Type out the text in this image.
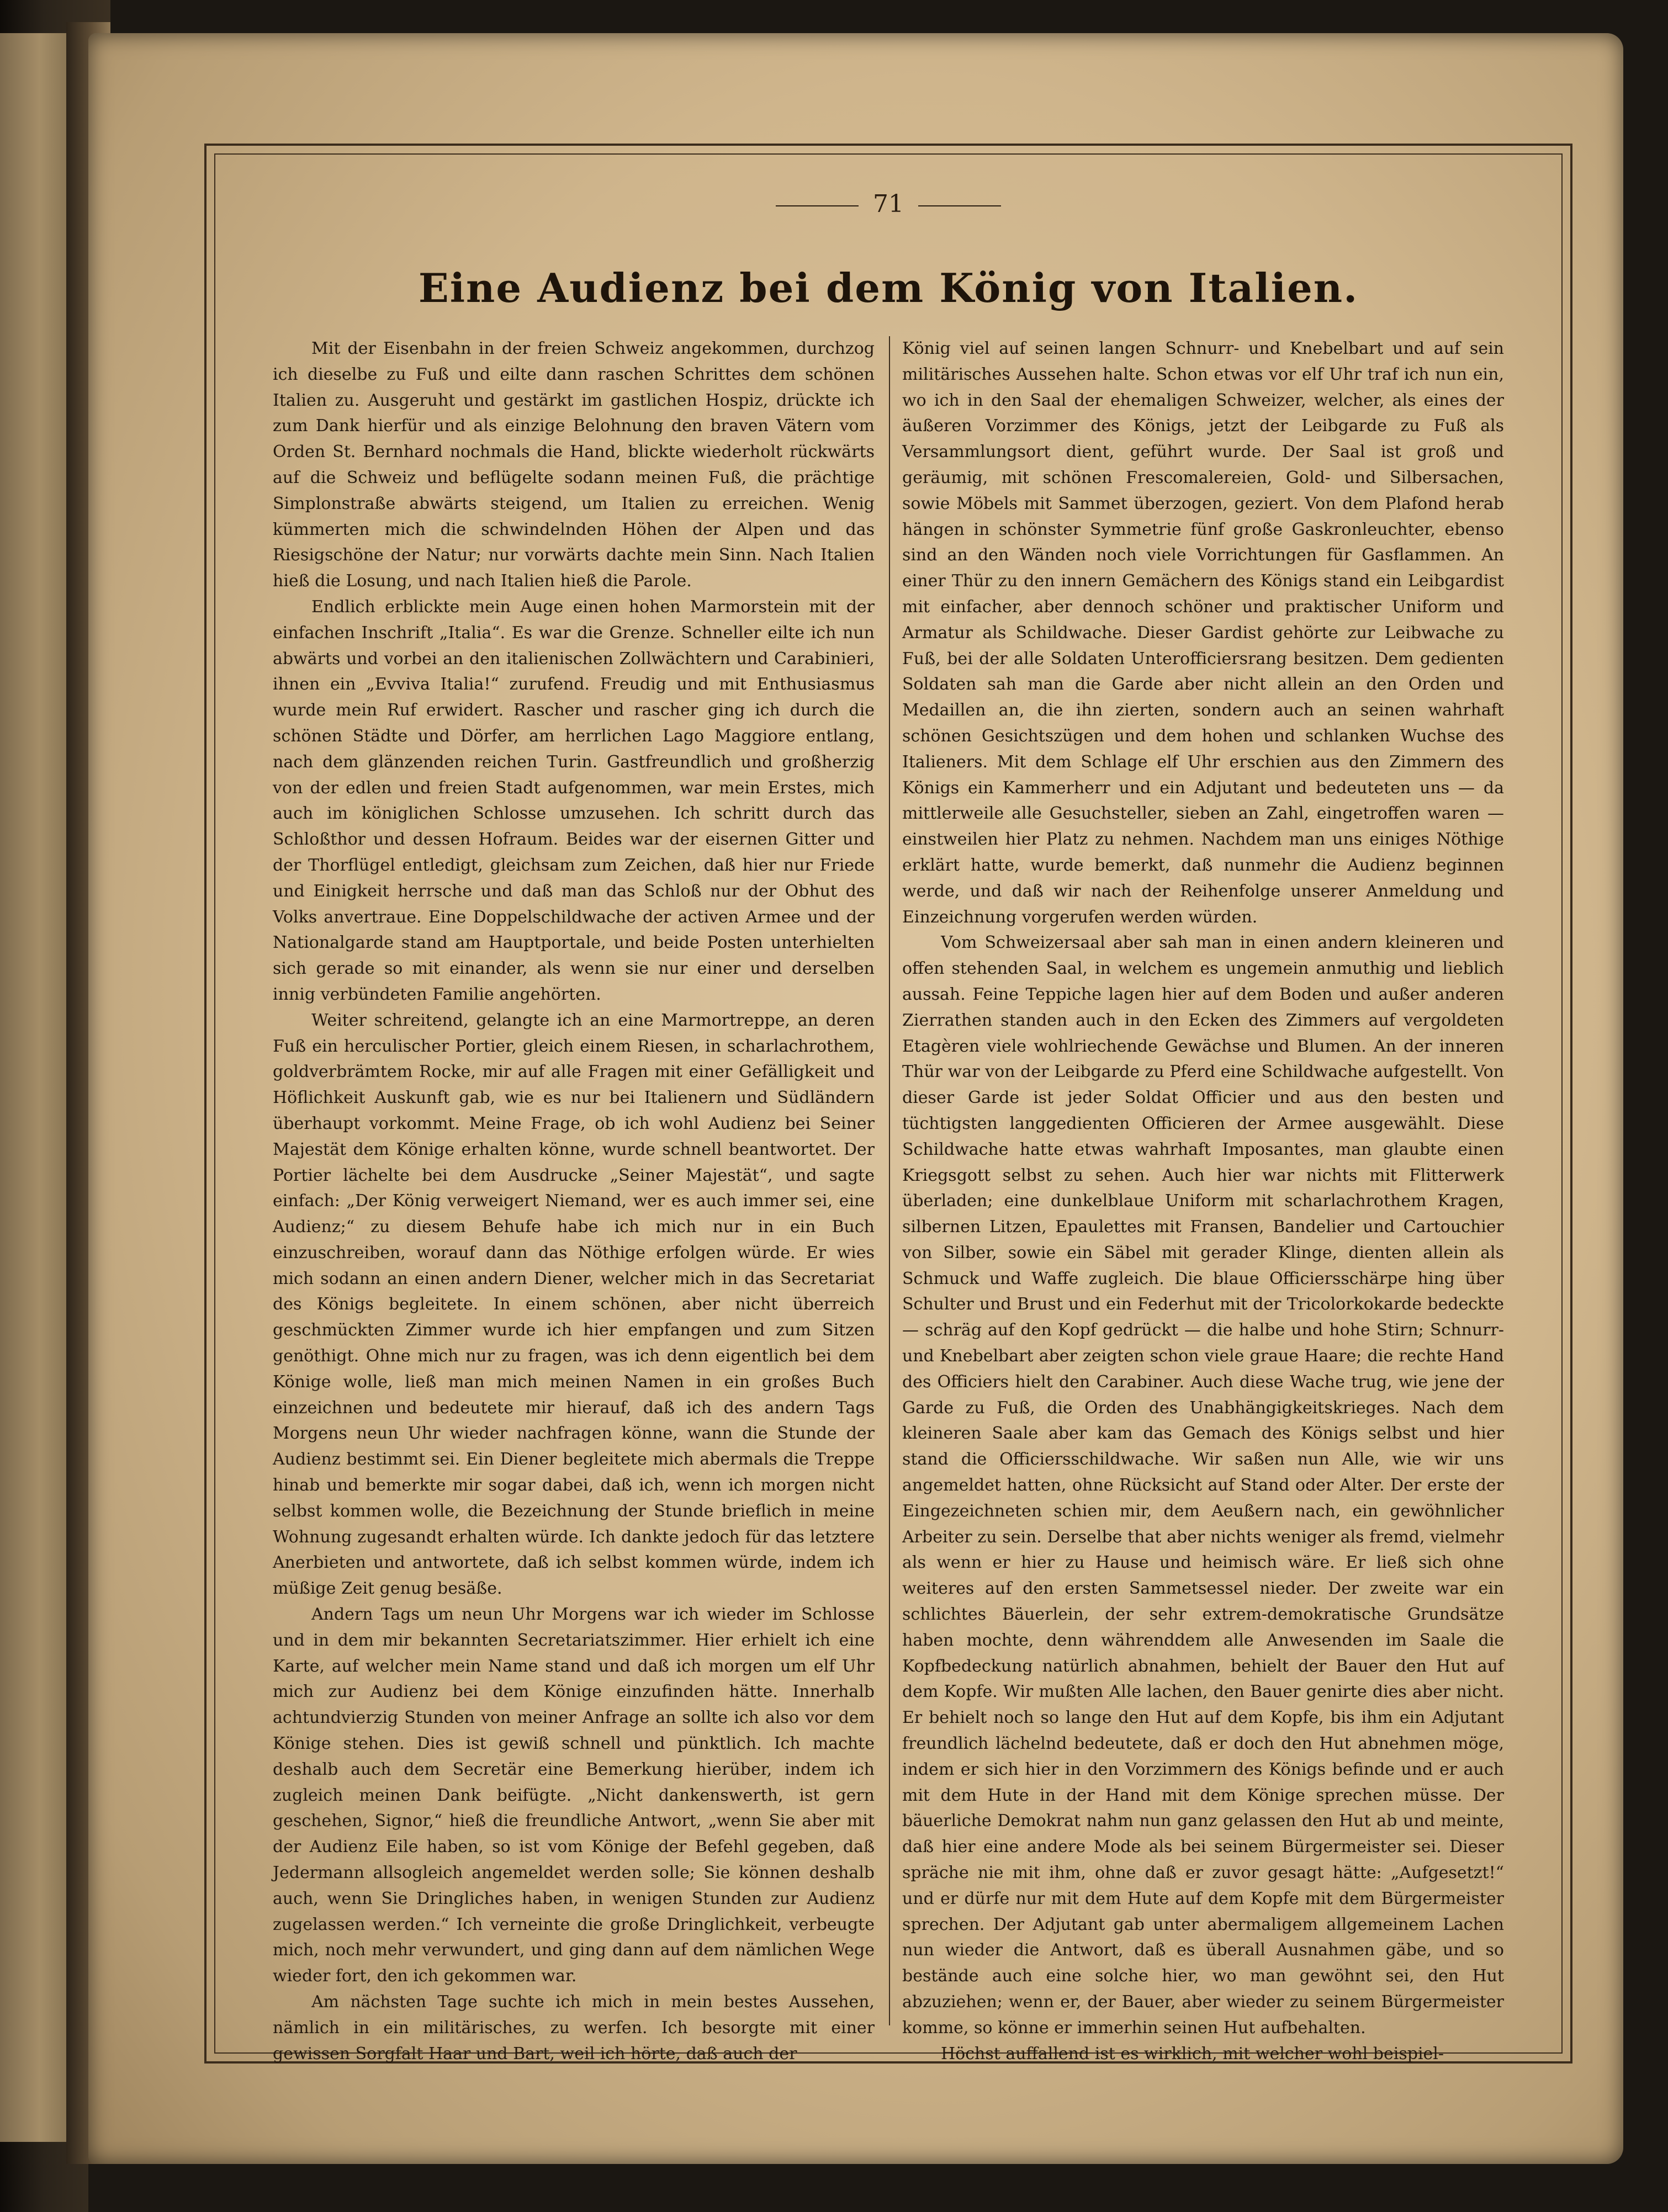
71
Eine Audienz bei dem König von Italien.

Mit der Eisenbahn in der freien Schweiz angekommen, durchzog ich dieselbe zu Fuß und eilte dann raschen Schrittes dem schönen Italien zu. Ausgeruht und gestärkt im gastlichen Hospiz, drückte ich zum Dank hierfür und als einzige Belohnung den braven Vätern vom Orden St. Bernhard nochmals die Hand, blickte wiederholt rückwärts auf die Schweiz und beflügelte sodann meinen Fuß, die prächtige Simplonstraße abwärts steigend, um Italien zu erreichen. Wenig kümmerten mich die schwindelnden Höhen der Alpen und das Riesigschöne der Natur; nur vorwärts dachte mein Sinn. Nach Italien hieß die Losung, und nach Italien hieß die Parole.

Endlich erblickte mein Auge einen hohen Marmorstein mit der einfachen Inschrift „Italia“. Es war die Grenze. Schneller eilte ich nun abwärts und vorbei an den italienischen Zollwächtern und Carabinieri, ihnen ein „Evviva Italia!“ zurufend. Freudig und mit Enthusiasmus wurde mein Ruf erwidert. Rascher und rascher ging ich durch die schönen Städte und Dörfer, am herrlichen Lago Maggiore entlang, nach dem glänzenden reichen Turin. Gastfreundlich und großherzig von der edlen und freien Stadt aufgenommen, war mein Erstes, mich auch im königlichen Schlosse umzusehen. Ich schritt durch das Schloßthor und dessen Hofraum. Beides war der eisernen Gitter und der Thorflügel entledigt, gleichsam zum Zeichen, daß hier nur Friede und Einigkeit herrsche und daß man das Schloß nur der Obhut des Volks anvertraue. Eine Doppelschildwache der activen Armee und der Nationalgarde stand am Hauptportale, und beide Posten unterhielten sich gerade so mit einander, als wenn sie nur einer und derselben innig verbündeten Familie angehörten.

Weiter schreitend, gelangte ich an eine Marmortreppe, an deren Fuß ein herculischer Portier, gleich einem Riesen, in scharlachrothem, goldverbrämtem Rocke, mir auf alle Fragen mit einer Gefälligkeit und Höflichkeit Auskunft gab, wie es nur bei Italienern und Südländern überhaupt vorkommt. Meine Frage, ob ich wohl Audienz bei Seiner Majestät dem Könige erhalten könne, wurde schnell beantwortet. Der Portier lächelte bei dem Ausdrucke „Seiner Majestät“, und sagte einfach: „Der König verweigert Niemand, wer es auch immer sei, eine Audienz;“ zu diesem Behufe habe ich mich nur in ein Buch einzuschreiben, worauf dann das Nöthige erfolgen würde. Er wies mich sodann an einen andern Diener, welcher mich in das Secretariat des Königs begleitete. In einem schönen, aber nicht überreich geschmückten Zimmer wurde ich hier empfangen und zum Sitzen genöthigt. Ohne mich nur zu fragen, was ich denn eigentlich bei dem Könige wolle, ließ man mich meinen Namen in ein großes Buch einzeichnen und bedeutete mir hierauf, daß ich des andern Tags Morgens neun Uhr wieder nachfragen könne, wann die Stunde der Audienz bestimmt sei. Ein Diener begleitete mich abermals die Treppe hinab und bemerkte mir sogar dabei, daß ich, wenn ich morgen nicht selbst kommen wolle, die Bezeichnung der Stunde brieflich in meine Wohnung zugesandt erhalten würde. Ich dankte jedoch für das letztere Anerbieten und antwortete, daß ich selbst kommen würde, indem ich müßige Zeit genug besäße.

Andern Tags um neun Uhr Morgens war ich wieder im Schlosse und in dem mir bekannten Secretariatszimmer. Hier erhielt ich eine Karte, auf welcher mein Name stand und daß ich morgen um elf Uhr mich zur Audienz bei dem Könige einzufinden hätte. Innerhalb achtundvierzig Stunden von meiner Anfrage an sollte ich also vor dem Könige stehen. Dies ist gewiß schnell und pünktlich. Ich machte deshalb auch dem Secretär eine Bemerkung hierüber, indem ich zugleich meinen Dank beifügte. „Nicht dankenswerth, ist gern geschehen, Signor,“ hieß die freundliche Antwort, „wenn Sie aber mit der Audienz Eile haben, so ist vom Könige der Befehl gegeben, daß Jedermann allsogleich angemeldet werden solle; Sie können deshalb auch, wenn Sie Dringliches haben, in wenigen Stunden zur Audienz zugelassen werden.“ Ich verneinte die große Dringlichkeit, verbeugte mich, noch mehr verwundert, und ging dann auf dem nämlichen Wege wieder fort, den ich gekommen war.

Am nächsten Tage suchte ich mich in mein bestes Aussehen, nämlich in ein militärisches, zu werfen. Ich besorgte mit einer gewissen Sorgfalt Haar und Bart, weil ich hörte, daß auch der

König viel auf seinen langen Schnurr- und Knebelbart und auf sein militärisches Aussehen halte. Schon etwas vor elf Uhr traf ich nun ein, wo ich in den Saal der ehemaligen Schweizer, welcher, als eines der äußeren Vorzimmer des Königs, jetzt der Leibgarde zu Fuß als Versammlungsort dient, geführt wurde. Der Saal ist groß und geräumig, mit schönen Frescomalereien, Gold- und Silbersachen, sowie Möbels mit Sammet überzogen, geziert. Von dem Plafond herab hängen in schönster Symmetrie fünf große Gaskronleuchter, ebenso sind an den Wänden noch viele Vorrichtungen für Gasflammen. An einer Thür zu den innern Gemächern des Königs stand ein Leibgardist mit einfacher, aber dennoch schöner und praktischer Uniform und Armatur als Schildwache. Dieser Gardist gehörte zur Leibwache zu Fuß, bei der alle Soldaten Unterofficiersrang besitzen. Dem gedienten Soldaten sah man die Garde aber nicht allein an den Orden und Medaillen an, die ihn zierten, sondern auch an seinen wahrhaft schönen Gesichtszügen und dem hohen und schlanken Wuchse des Italieners. Mit dem Schlage elf Uhr erschien aus den Zimmern des Königs ein Kammerherr und ein Adjutant und bedeuteten uns — da mittlerweile alle Gesuchsteller, sieben an Zahl, eingetroffen waren — einstweilen hier Platz zu nehmen. Nachdem man uns einiges Nöthige erklärt hatte, wurde bemerkt, daß nunmehr die Audienz beginnen werde, und daß wir nach der Reihenfolge unserer Anmeldung und Einzeichnung vorgerufen werden würden.

Vom Schweizersaal aber sah man in einen andern kleineren und offen stehenden Saal, in welchem es ungemein anmuthig und lieblich aussah. Feine Teppiche lagen hier auf dem Boden und außer anderen Zierrathen standen auch in den Ecken des Zimmers auf vergoldeten Etagèren viele wohlriechende Gewächse und Blumen. An der inneren Thür war von der Leibgarde zu Pferd eine Schildwache aufgestellt. Von dieser Garde ist jeder Soldat Officier und aus den besten und tüchtigsten langgedienten Officieren der Armee ausgewählt. Diese Schildwache hatte etwas wahrhaft Imposantes, man glaubte einen Kriegsgott selbst zu sehen. Auch hier war nichts mit Flitterwerk überladen; eine dunkelblaue Uniform mit scharlachrothem Kragen, silbernen Litzen, Epaulettes mit Fransen, Bandelier und Cartouchier von Silber, sowie ein Säbel mit gerader Klinge, dienten allein als Schmuck und Waffe zugleich. Die blaue Officiersschärpe hing über Schulter und Brust und ein Federhut mit der Tricolorkokarde bedeckte — schräg auf den Kopf gedrückt — die halbe und hohe Stirn; Schnurr- und Knebelbart aber zeigten schon viele graue Haare; die rechte Hand des Officiers hielt den Carabiner. Auch diese Wache trug, wie jene der Garde zu Fuß, die Orden des Unabhängigkeitskrieges. Nach dem kleineren Saale aber kam das Gemach des Königs selbst und hier stand die Officiersschildwache. Wir saßen nun Alle, wie wir uns angemeldet hatten, ohne Rücksicht auf Stand oder Alter. Der erste der Eingezeichneten schien mir, dem Aeußern nach, ein gewöhnlicher Arbeiter zu sein. Derselbe that aber nichts weniger als fremd, vielmehr als wenn er hier zu Hause und heimisch wäre. Er ließ sich ohne weiteres auf den ersten Sammetsessel nieder. Der zweite war ein schlichtes Bäuerlein, der sehr extrem-demokratische Grundsätze haben mochte, denn währenddem alle Anwesenden im Saale die Kopfbedeckung natürlich abnahmen, behielt der Bauer den Hut auf dem Kopfe. Wir mußten Alle lachen, den Bauer genirte dies aber nicht. Er behielt noch so lange den Hut auf dem Kopfe, bis ihm ein Adjutant freundlich lächelnd bedeutete, daß er doch den Hut abnehmen möge, indem er sich hier in den Vorzimmern des Königs befinde und er auch mit dem Hute in der Hand mit dem Könige sprechen müsse. Der bäuerliche Demokrat nahm nun ganz gelassen den Hut ab und meinte, daß hier eine andere Mode als bei seinem Bürgermeister sei. Dieser spräche nie mit ihm, ohne daß er zuvor gesagt hätte: „Aufgesetzt!“ und er dürfe nur mit dem Hute auf dem Kopfe mit dem Bürgermeister sprechen. Der Adjutant gab unter abermaligem allgemeinem Lachen nun wieder die Antwort, daß es überall Ausnahmen gäbe, und so bestände auch eine solche hier, wo man gewöhnt sei, den Hut abzuziehen; wenn er, der Bauer, aber wieder zu seinem Bürgermeister komme, so könne er immerhin seinen Hut aufbehalten.

Höchst auffallend ist es wirklich, mit welcher wohl beispiel-
